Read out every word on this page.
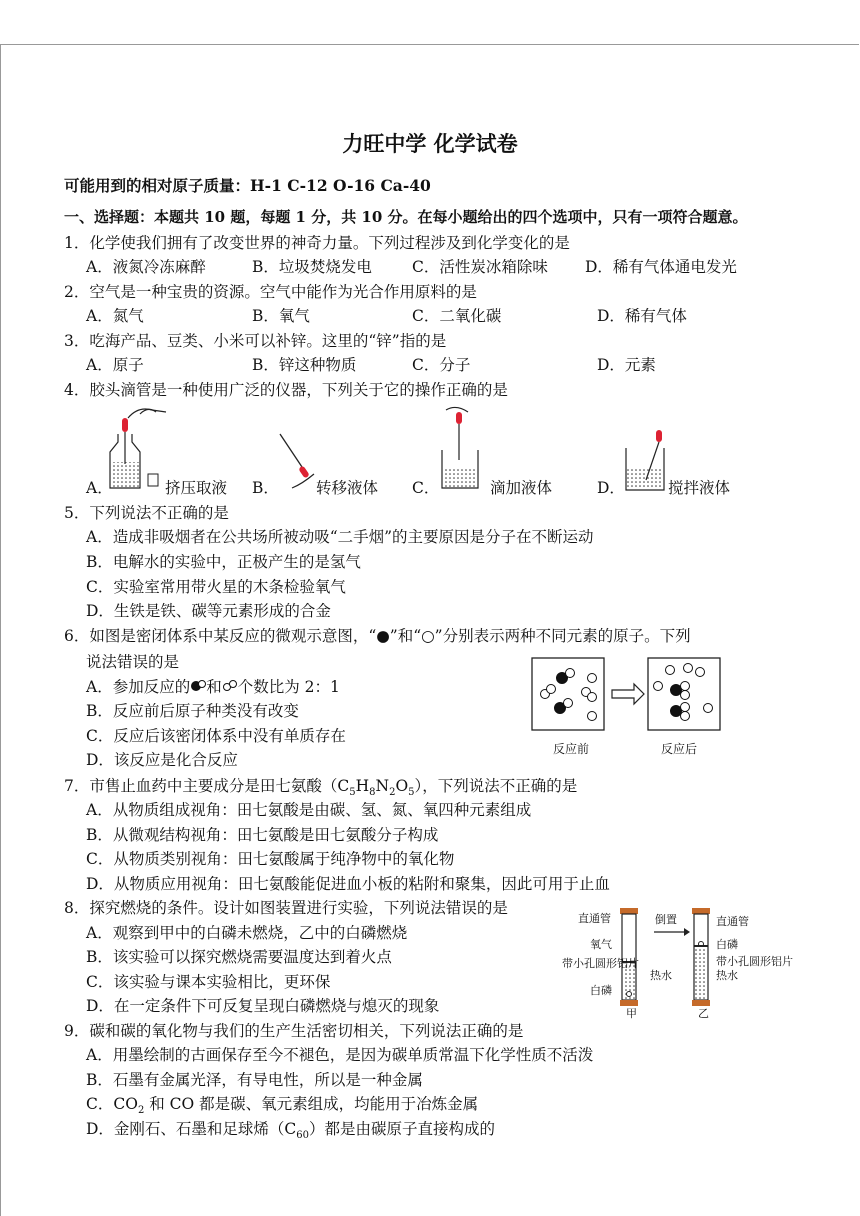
力旺中学 化学试卷
可能用到的相对原子质量：H-1 C-12 O-16 Ca-40
一、选择题：本题共 10 题，每题 1 分，共 10 分。在每小题给出的四个选项中，只有一项符合题意。
1．化学使我们拥有了改变世界的神奇力量。下列过程涉及到化学变化的是
A．液氮冷冻麻醉	B．垃圾焚烧发电	C．活性炭冰箱除味 D．稀有气体通电发光
2．空气是一种宝贵的资源。空气中能作为光合作用原料的是
A．氮气	B．氧气	C．二氧化碳	D．稀有气体
3．吃海产品、豆类、小米可以补锌。这里的“锌”指的是
A．原子	B．锌这种物质	C．分子	D．元素
4．胶头滴管是一种使用广泛的仪器，下列关于它的操作正确的是
A．	挤压取液 B． 转移液体 C．	滴加液体	D．	搅拌液体
5．下列说法不正确的是
A．造成非吸烟者在公共场所被动吸“二手烟”的主要原因是分子在不断运动
B．电解水的实验中，正极产生的是氢气
C．实验室常用带火星的木条检验氧气
D．生铁是铁、碳等元素形成的合金
6．如图是密闭体系中某反应的微观示意图，“●”和“○”分别表示两种不同元素的原子。下列
说法错误的是
A．参加反应的 和 个数比为 2：1
B．反应前后原子种类没有改变
C．反应后该密闭体系中没有单质存在
D．该反应是化合反应
反应前	反应后
7．市售止血药中主要成分是田七氨酸$(C_5H_8N_2O_5)$，下列说法不正确的是
A．从物质组成视角：田七氨酸是由碳、氢、氮、氧四种元素组成
B．从微观结构视角：田七氨酸是田七氨酸分子构成
C．从物质类别视角：田七氨酸属于纯净物中的氧化物
D．从物质应用视角：田七氨酸能促进血小板的粘附和聚集，因此可用于止血
8．探究燃烧的条件。设计如图装置进行实验，下列说法错误的是
A．观察到甲中的白磷未燃烧，乙中的白磷燃烧
B．该实验可以探究燃烧需要温度达到着火点
C．该实验与课本实验相比，更环保
D．在一定条件下可反复呈现白磷燃烧与熄灭的现象
直通管
氧气
带小孔圆形铝片
热水
白磷
倒置	直通管
白磷
带小孔圆形铝片
热水
甲	乙
9．碳和碳的氧化物与我们的生产生活密切相关，下列说法正确的是
A．用墨绘制的古画保存至今不褪色，是因为碳单质常温下化学性质不活泼
B．石墨有金属光泽，有导电性，所以是一种金属
C．$CO_2$ 和 CO 都是碳、氧元素组成，均能用于冶炼金属
D．金刚石、石墨和足球烯$(C_{60})$都是由碳原子直接构成的
